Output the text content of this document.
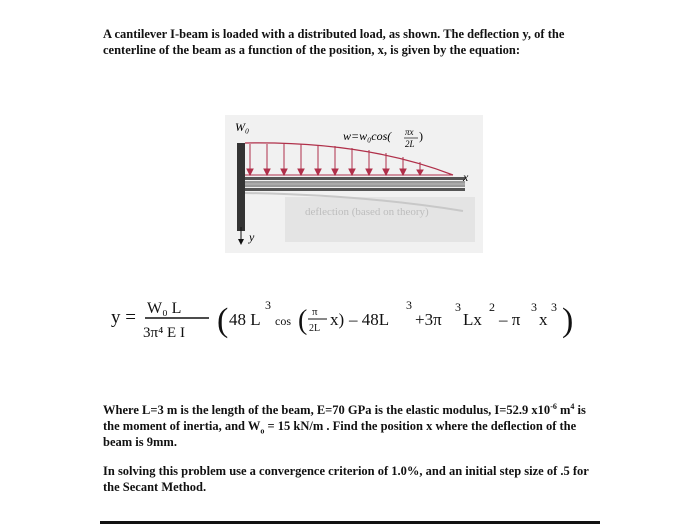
A cantilever I-beam is loaded with a distributed load, as shown. The deflection y, of the centerline of the beam as a function of the position, x, is given by the equation:

deflection (based on theory)
W₀
w=w₀cos( πx
2L
)
x
y
y = W₀ L
3π⁴ E I ( 48 L
3
cos ( π
2L x) – 48L
3
+3π
3
Lx
2
– π
3
x
3 )

Where L=3 m is the length of the beam, E=70 GPa is the elastic modulus, I=52.9 $x10^{-6}$ $m^4$ is the moment of inertia, and $W_o = 15$ kN/m . Find the position x where the deflection of the beam is 9mm.

In solving this problem use a convergence criterion of 1.0%, and an initial step size of .5 for the Secant Method.
